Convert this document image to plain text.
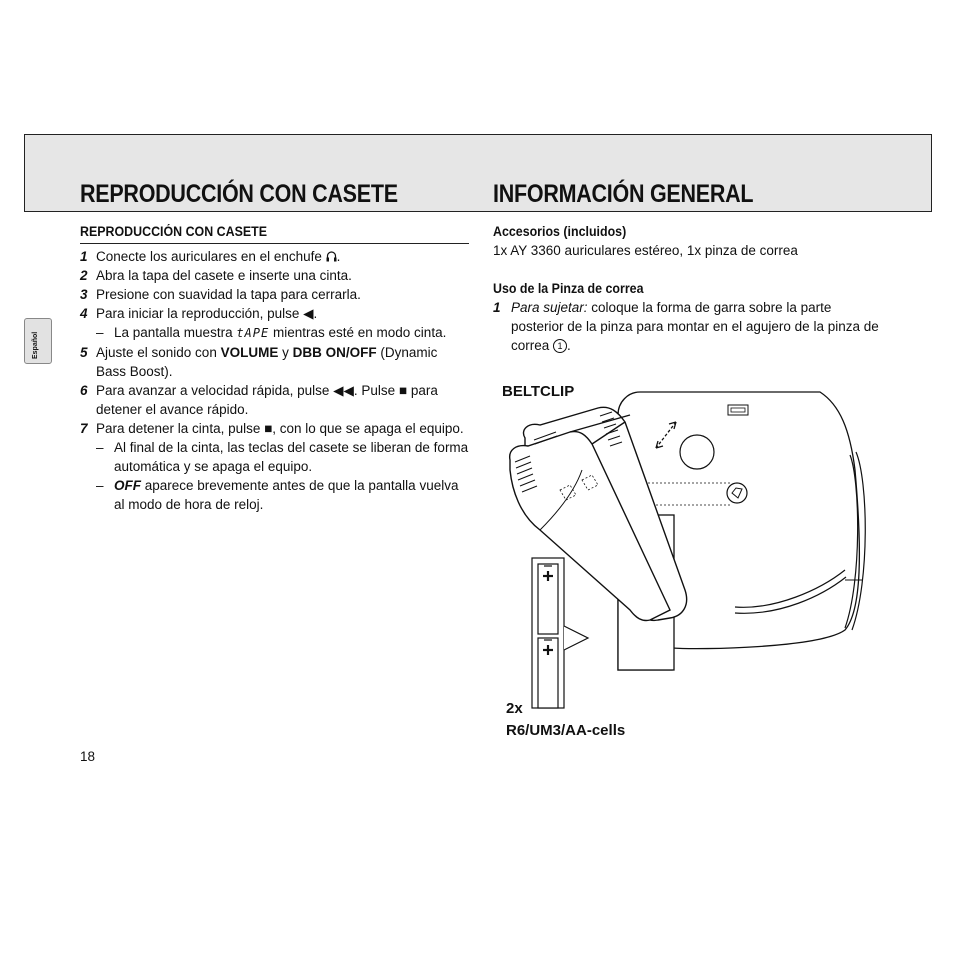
REPRODUCCIÓN CON CASETE	INFORMACIÓN GENERAL
Español
REPRODUCCIÓN CON CASETE
1 Conecte los auriculares en el enchufe .
2 Abra la tapa del casete e inserte una cinta.
3 Presione con suavidad la tapa para cerrarla.
4 Para iniciar la reproducción, pulse ◀.
– La pantalla muestra tAPE mientras esté en modo cinta.
5 Ajuste el sonido con VOLUME y DBB ON/OFF (Dynamic Bass Boost).
6 Para avanzar a velocidad rápida, pulse ◀◀. Pulse ■ para detener el avance rápido.
7 Para detener la cinta, pulse ■, con lo que se apaga el equipo.
– Al final de la cinta, las teclas del casete se liberan de forma automática y se apaga el equipo.
– OFF aparece brevemente antes de que la pantalla vuelva al modo de hora de reloj.
18
Accesorios (incluidos)
1x AY 3360 auriculares estéreo, 1x pinza de correa
Uso de la Pinza de correa
1 Para sujetar: coloque la forma de garra sobre la parte posterior de la pinza para montar en el agujero de la pinza de correa 1 .
BELTCLIP
2x
R6/UM3/AA-cells
